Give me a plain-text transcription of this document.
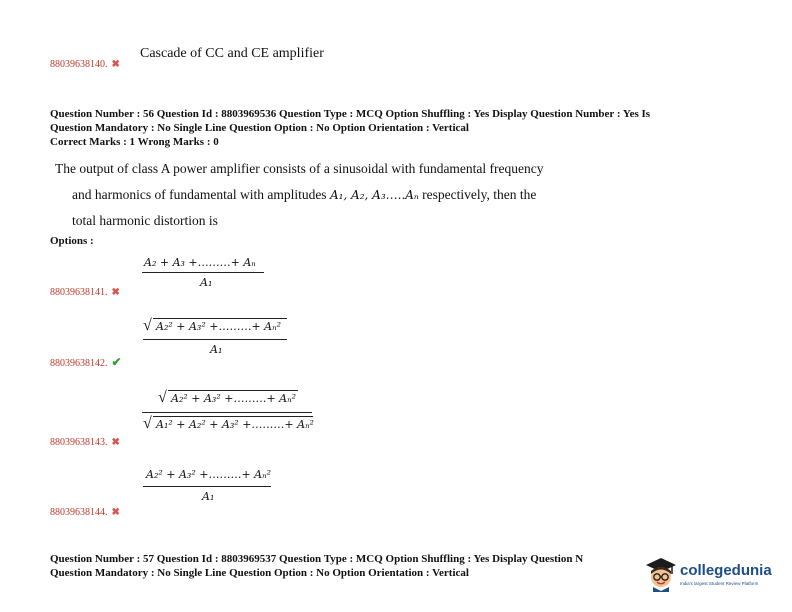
88039638140. ✖
Cascade of CC and CE amplifier
Question Number : 56 Question Id : 8803969536 Question Type : MCQ Option Shuffling : Yes Display Question Number : Yes Is
Question Mandatory : No Single Line Question Option : No Option Orientation : Vertical
Correct Marks : 1 Wrong Marks : 0
The output of class A power amplifier consists of a sinusoidal with fundamental frequency
and harmonics of fundamental with amplitudes A₁, A₂, A₃…..Aₙ respectively, then the
total harmonic distortion is
Options :
A₂ + A₃ +………+ Aₙ
A₁
88039638141. ✖
√ A₂² + A₃² +………+ Aₙ²
A₁
88039638142. ✔
√ A₂² + A₃² +………+ Aₙ²
√ A₁² + A₂² + A₃² +………+ Aₙ²
88039638143. ✖
A₂² + A₃² +………+ Aₙ²
A₁
88039638144. ✖
Question Number : 57 Question Id : 8803969537 Question Type : MCQ Option Shuffling : Yes Display Question N
Question Mandatory : No Single Line Question Option : No Option Orientation : Vertical	collegedunia
India's largest Student Review Platform
